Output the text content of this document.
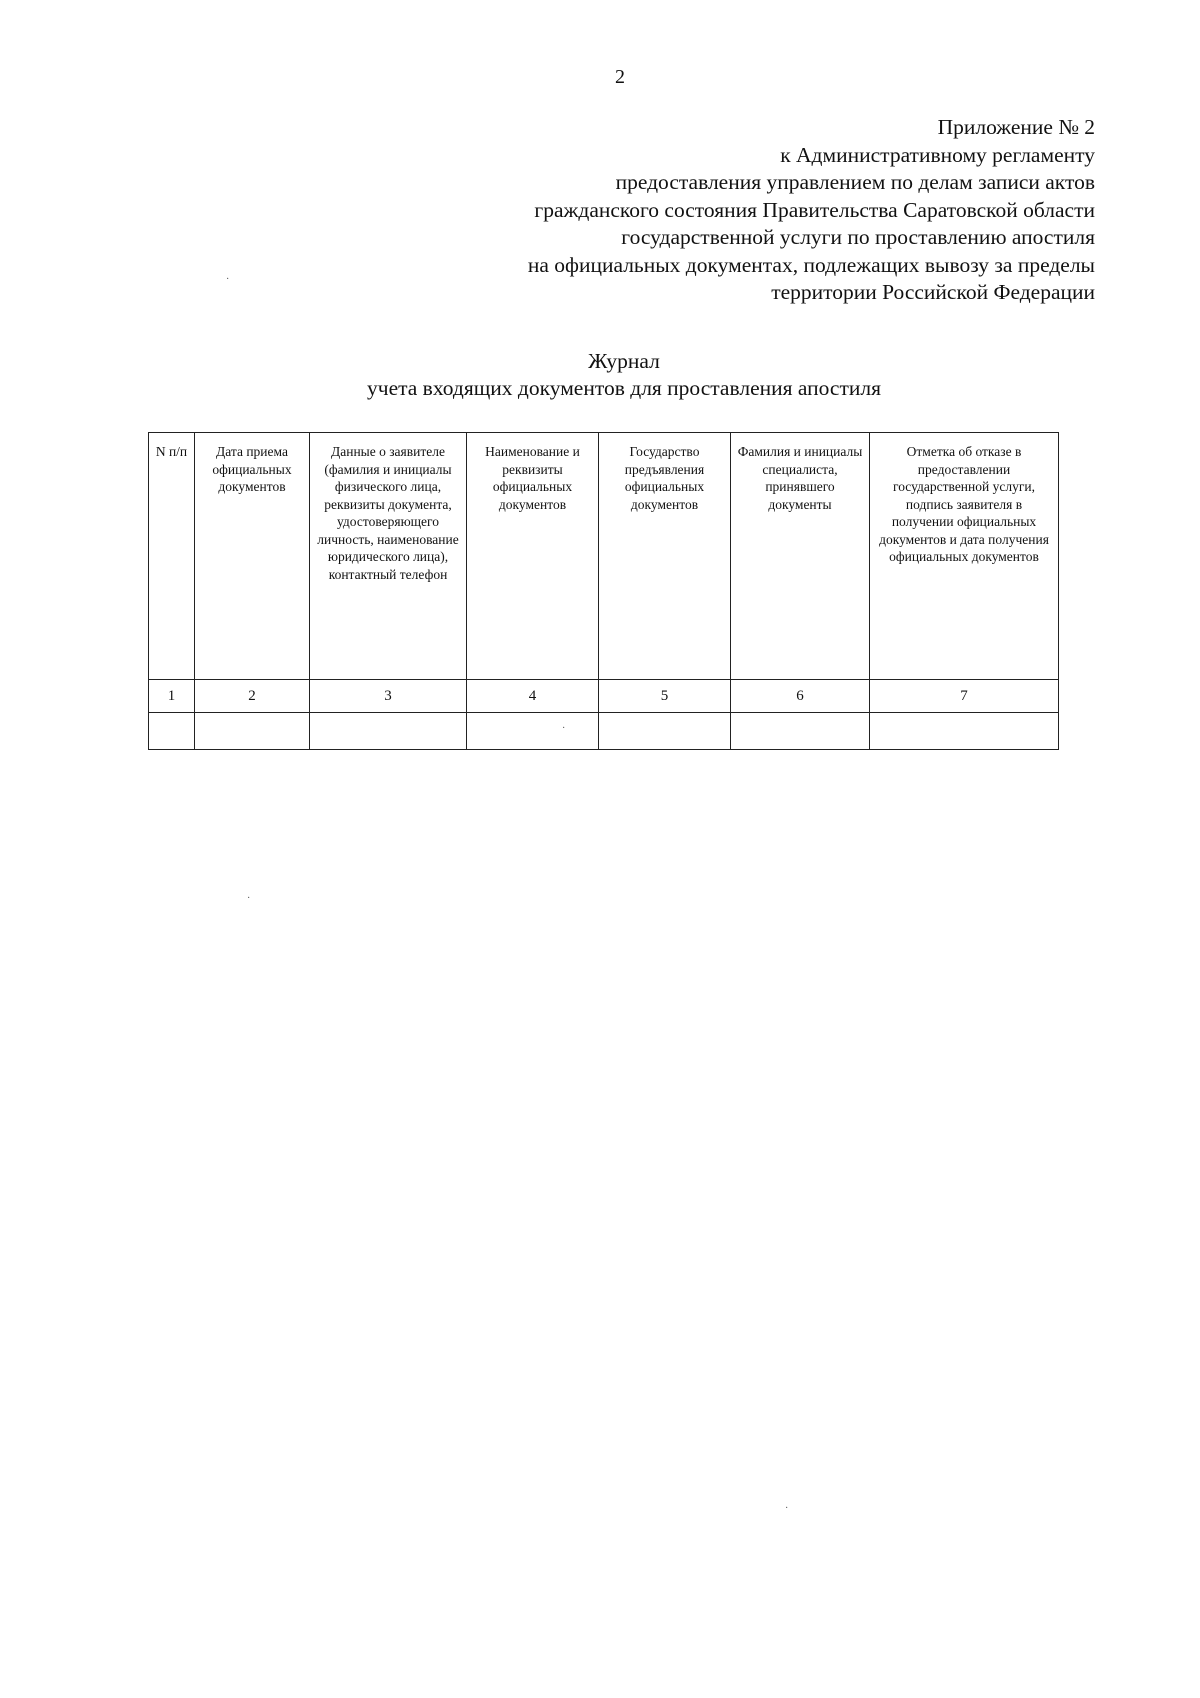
2
Приложение № 2
к Административному регламенту
предоставления управлением по делам записи актов
гражданского состояния Правительства Саратовской области
государственной услуги по проставлению апостиля
на официальных документах, подлежащих вывозу за пределы
территории Российской Федерации
Журнал
учета входящих документов для проставления апостиля
N п/п	Дата приема официальных документов	Данные о заявителе (фамилия и инициалы физического лица, реквизиты документа, удостоверяющего личность, наименование юридического лица), контактный телефон	Наименование и реквизиты официальных документов	Государство предъявления официальных документов	Фамилия и инициалы специалиста, принявшего документы	Отметка об отказе в предоставлении государственной услуги, подпись заявителя в получении официальных документов и дата получения официальных документов
1	2	3	4	5	6	7

·
·
·
·
